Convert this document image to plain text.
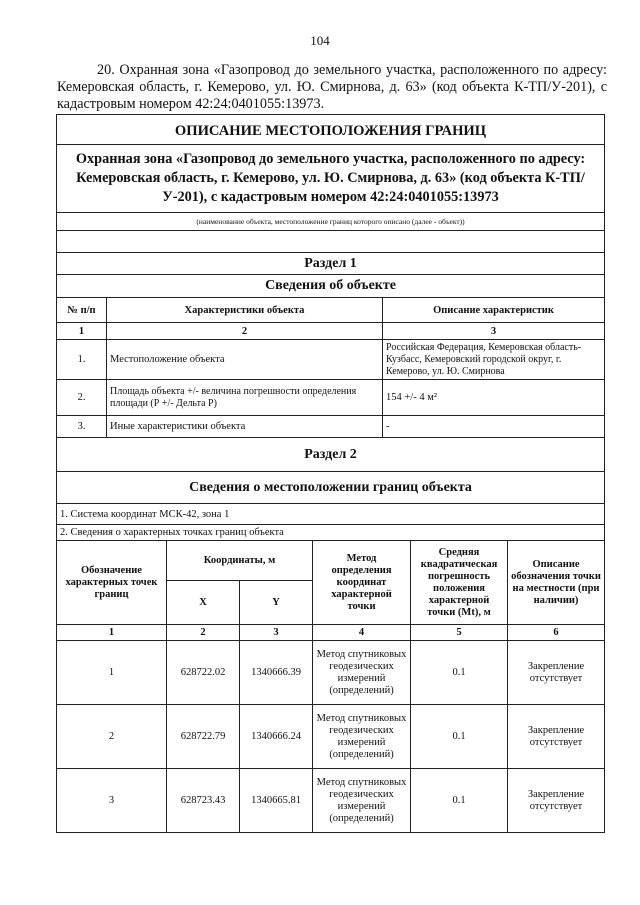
104
20. Охранная зона «Газопровод до земельного участка, расположенного по адресу: Кемеровская область, г. Кемерово, ул. Ю. Смирнова, д. 63» (код объекта К-ТП/У-201), с кадастровым номером 42:24:0401055:13973.
ОПИСАНИЕ МЕСТОПОЛОЖЕНИЯ ГРАНИЦ		
Охранная зона «Газопровод до земельного участка, расположенного по адресу: Кемеровская область, г. Кемерово, ул. Ю. Смирнова, д. 63» (код объекта К-ТП/У-201), с кадастровым номером 42:24:0401055:13973		
(наименование объекта, местоположение границ которого описано (далее - объект))		

Раздел 1		
Сведения об объекте		
№ п/п	Характеристики объекта	Описание характеристик
1	2	3
1.	Местоположение объекта	Российская Федерация, Кемеровская область-Кузбасс, Кемеровский городской округ, г. Кемерово, ул. Ю. Смирнова
2.	Площадь объекта +/- величина погрешности определения площади (Р +/- Дельта Р)	154 +/- 4 м²
3.	Иные характеристики объекта	-
Раздел 2		
Сведения о местоположении границ объекта		
1. Система координат МСК-42, зона 1		
2. Сведения о характерных точках границ объекта		
Обозначение характерных точек границ	Координаты, м		Метод определения координат характерной точки	Средняя квадратическая погрешность положения характерной точки (Mt), м	Описание обозначения точки на местности (при наличии)
	X	Y			
1	2	3	4	5	6
1	628722.02	1340666.39	Метод спутниковых геодезических измерений (определений)	0.1	Закрепление отсутствует
2	628722.79	1340666.24	Метод спутниковых геодезических измерений (определений)	0.1	Закрепление отсутствует
3	628723.43	1340665.81	Метод спутниковых геодезических измерений (определений)	0.1	Закрепление отсутствует
